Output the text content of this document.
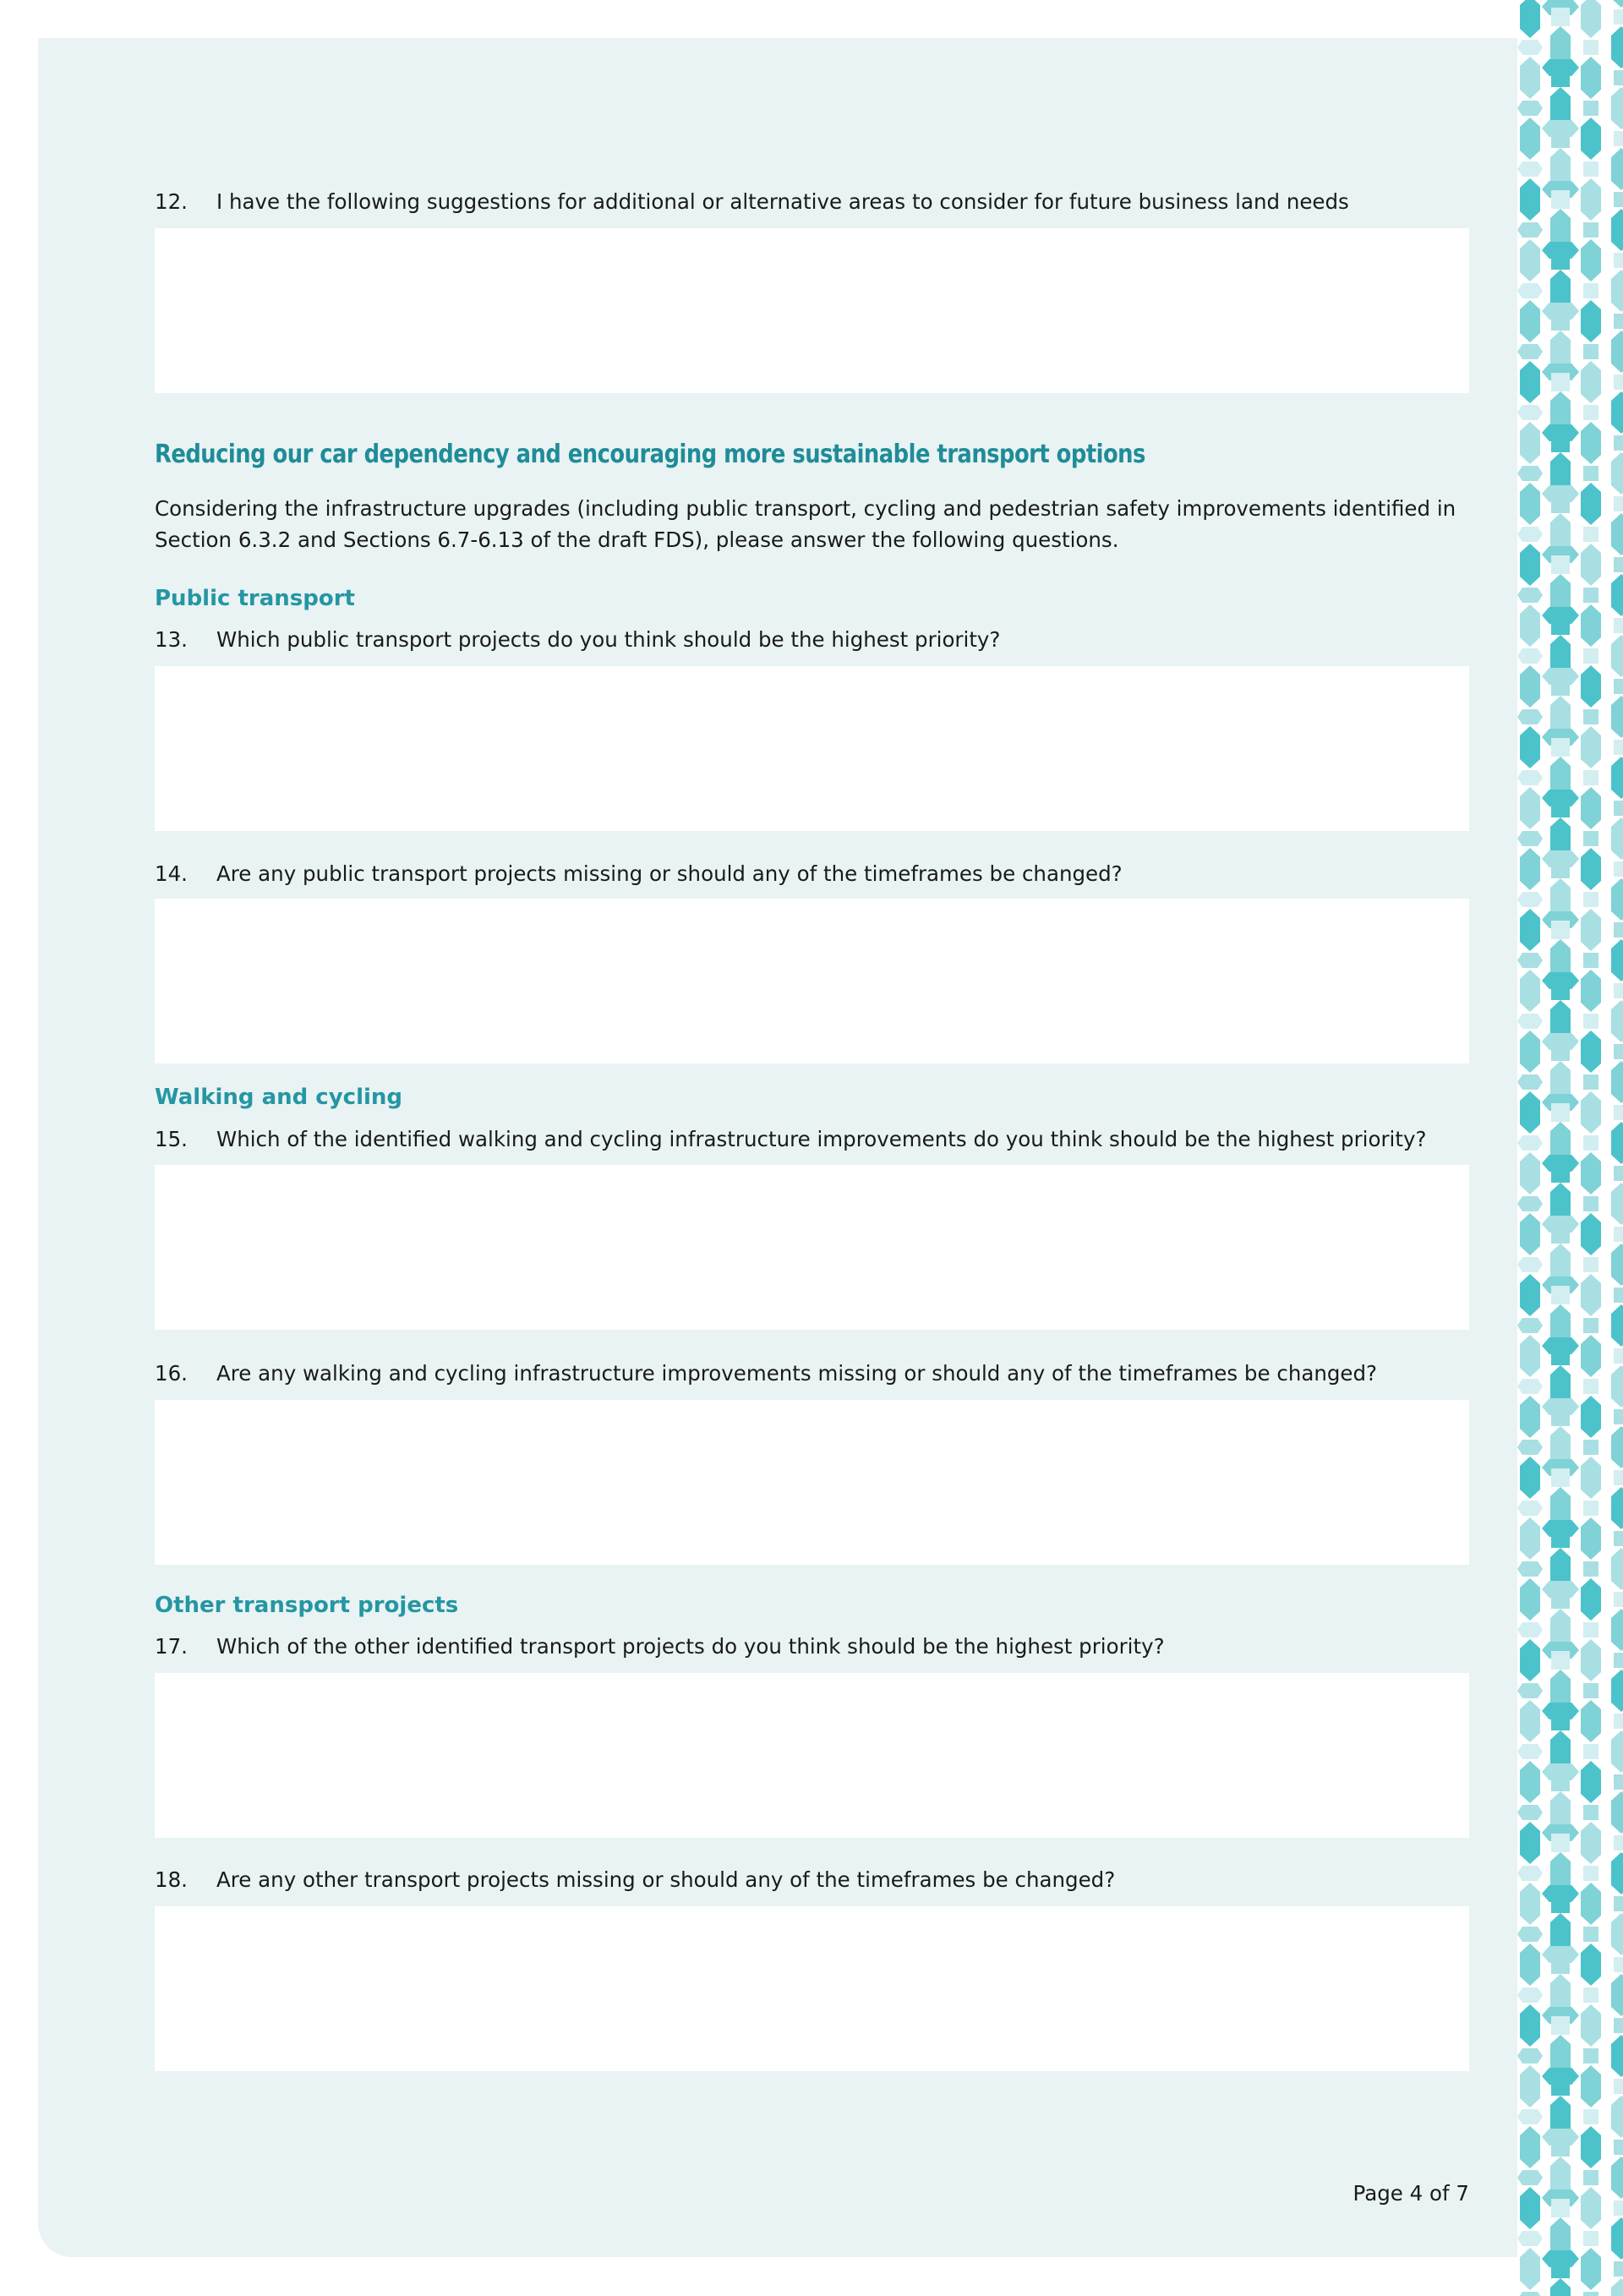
12. I have the following suggestions for additional or alternative areas to consider for future business land needs
Reducing our car dependency and encouraging more sustainable transport options
Considering the infrastructure upgrades (including public transport, cycling and pedestrian safety improvements identified in Section 6.3.2 and Sections 6.7-6.13 of the draft FDS), please answer the following questions.
Public transport
13. Which public transport projects do you think should be the highest priority?
14. Are any public transport projects missing or should any of the timeframes be changed?
Walking and cycling
15. Which of the identified walking and cycling infrastructure improvements do you think should be the highest priority?
16. Are any walking and cycling infrastructure improvements missing or should any of the timeframes be changed?
Other transport projects
17. Which of the other identified transport projects do you think should be the highest priority?
18. Are any other transport projects missing or should any of the timeframes be changed?
Page 4 of 7
